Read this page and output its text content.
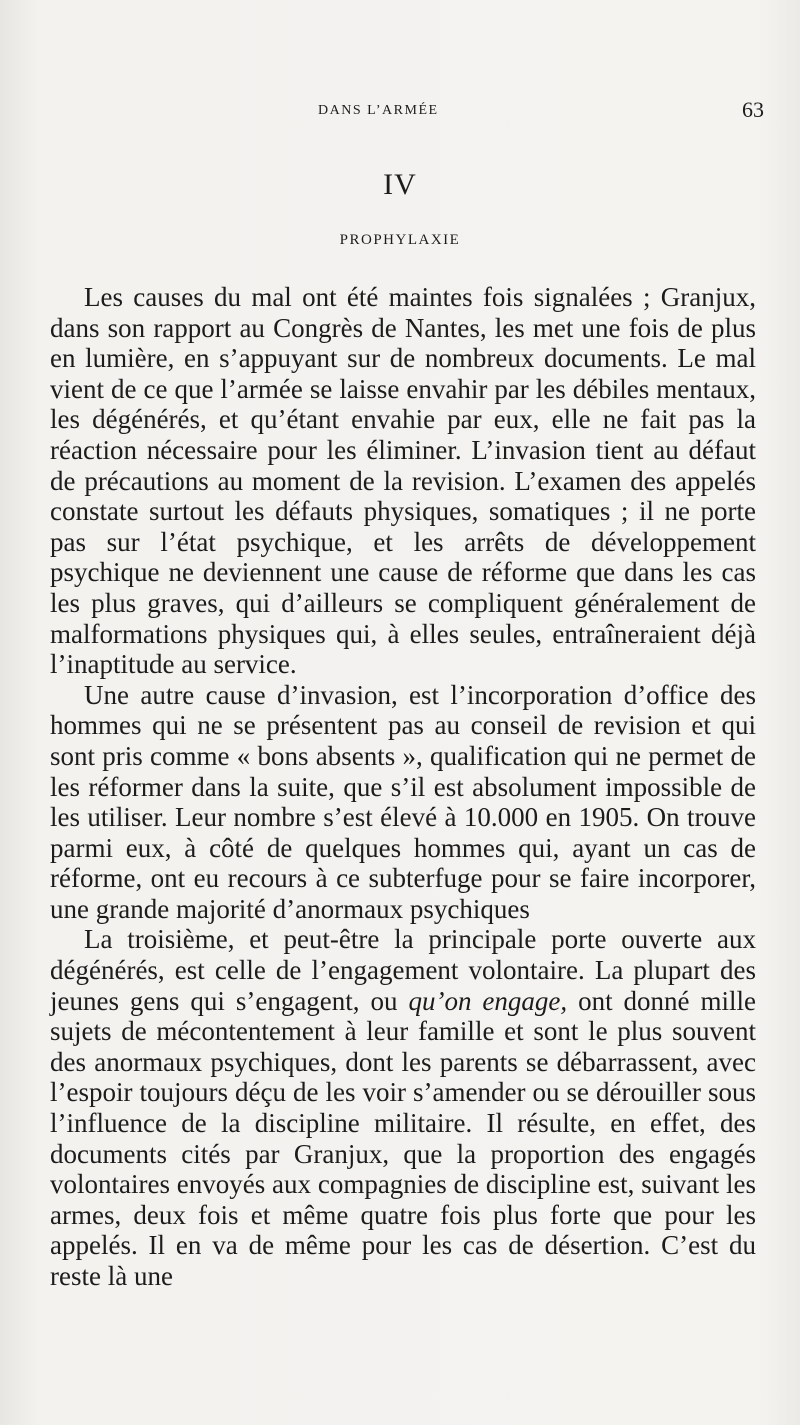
DANS L’ARMÉE	63
IV
PROPHYLAXIE

Les causes du mal ont été maintes fois signalées ; Granjux, dans son rapport au Congrès de Nantes, les met une fois de plus en lumière, en s’appuyant sur de nombreux documents. Le mal vient de ce que l’armée se laisse envahir par les débiles mentaux, les dégénérés, et qu’étant envahie par eux, elle ne fait pas la réaction nécessaire pour les éliminer. L’invasion tient au défaut de précautions au moment de la revision. L’examen des appelés constate surtout les défauts physiques, somatiques ; il ne porte pas sur l’état psychique, et les arrêts de développement psychique ne deviennent une cause de réforme que dans les cas les plus graves, qui d’ailleurs se compliquent généralement de malformations physiques qui, à elles seules, entraîneraient déjà l’inaptitude au service.

Une autre cause d’invasion, est l’incorporation d’office des hommes qui ne se présentent pas au conseil de revision et qui sont pris comme « bons absents », qualification qui ne permet de les réformer dans la suite, que s’il est absolument impossible de les utiliser. Leur nombre s’est élevé à 10.000 en 1905. On trouve parmi eux, à côté de quelques hommes qui, ayant un cas de réforme, ont eu recours à ce subterfuge pour se faire incorporer, une grande majorité d’anormaux psychiques

La troisième, et peut-être la principale porte ouverte aux dégénérés, est celle de l’engagement volontaire. La plupart des jeunes gens qui s’engagent, ou qu’on engage, ont donné mille sujets de mécontentement à leur famille et sont le plus souvent des anormaux psychiques, dont les parents se débarrassent, avec l’espoir toujours déçu de les voir s’amender ou se dérouiller sous l’influence de la discipline militaire. Il résulte, en effet, des documents cités par Granjux, que la proportion des engagés volontaires envoyés aux compagnies de discipline est, suivant les armes, deux fois et même quatre fois plus forte que pour les appelés. Il en va de même pour les cas de désertion. C’est du reste là une
